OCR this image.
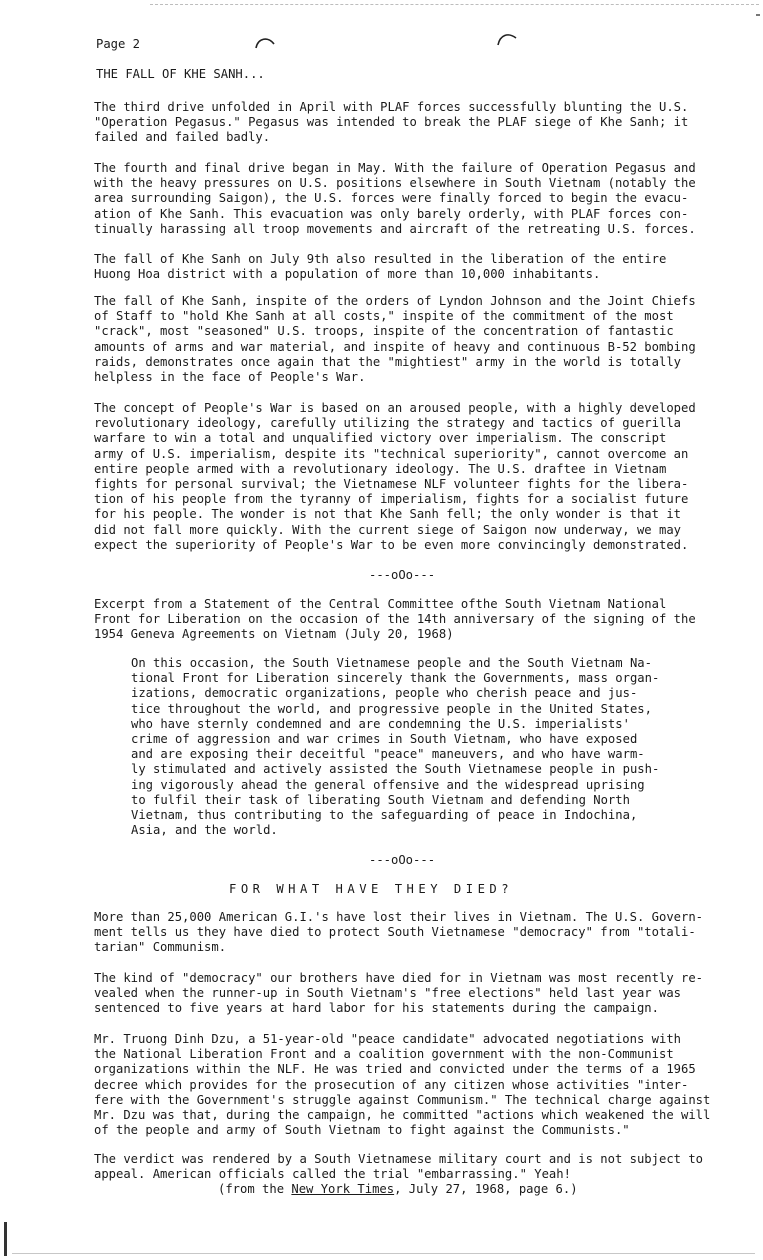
Page 2
THE FALL OF KHE SANH...

The third drive unfolded in April with PLAF forces successfully blunting the U.S.
"Operation Pegasus." Pegasus was intended to break the PLAF siege of Khe Sanh; it
failed and failed badly.

The fourth and final drive began in May. With the failure of Operation Pegasus and
with the heavy pressures on U.S. positions elsewhere in South Vietnam (notably the
area surrounding Saigon), the U.S. forces were finally forced to begin the evacu-
ation of Khe Sanh. This evacuation was only barely orderly, with PLAF forces con-
tinually harassing all troop movements and aircraft of the retreating U.S. forces.

The fall of Khe Sanh on July 9th also resulted in the liberation of the entire
Huong Hoa district with a population of more than 10,000 inhabitants.

The fall of Khe Sanh, inspite of the orders of Lyndon Johnson and the Joint Chiefs
of Staff to "hold Khe Sanh at all costs," inspite of the commitment of the most
"crack", most "seasoned" U.S. troops, inspite of the concentration of fantastic
amounts of arms and war material, and inspite of heavy and continuous B-52 bombing
raids, demonstrates once again that the "mightiest" army in the world is totally
helpless in the face of People's War.

The concept of People's War is based on an aroused people, with a highly developed
revolutionary ideology, carefully utilizing the strategy and tactics of guerilla
warfare to win a total and unqualified victory over imperialism. The conscript
army of U.S. imperialism, despite its "technical superiority", cannot overcome an
entire people armed with a revolutionary ideology. The U.S. draftee in Vietnam
fights for personal survival; the Vietnamese NLF volunteer fights for the libera-
tion of his people from the tyranny of imperialism, fights for a socialist future
for his people. The wonder is not that Khe Sanh fell; the only wonder is that it
did not fall more quickly. With the current siege of Saigon now underway, we may
expect the superiority of People's War to be even more convincingly demonstrated.

---oOo---

Excerpt from a Statement of the Central Committee ofthe South Vietnam National
Front for Liberation on the occasion of the 14th anniversary of the signing of the
1954 Geneva Agreements on Vietnam (July 20, 1968)

On this occasion, the South Vietnamese people and the South Vietnam Na-
tional Front for Liberation sincerely thank the Governments, mass organ-
izations, democratic organizations, people who cherish peace and jus-
tice throughout the world, and progressive people in the United States,
who have sternly condemned and are condemning the U.S. imperialists'
crime of aggression and war crimes in South Vietnam, who have exposed
and are exposing their deceitful "peace" maneuvers, and who have warm-
ly stimulated and actively assisted the South Vietnamese people in push-
ing vigorously ahead the general offensive and the widespread uprising
to fulfil their task of liberating South Vietnam and defending North
Vietnam, thus contributing to the safeguarding of peace in Indochina,
Asia, and the world.

---oOo---
FOR WHAT HAVE THEY DIED?

More than 25,000 American G.I.'s have lost their lives in Vietnam. The U.S. Govern-
ment tells us they have died to protect South Vietnamese "democracy" from "totali-
tarian" Communism.

The kind of "democracy" our brothers have died for in Vietnam was most recently re-
vealed when the runner-up in South Vietnam's "free elections" held last year was
sentenced to five years at hard labor for his statements during the campaign.

Mr. Truong Dinh Dzu, a 51-year-old "peace candidate" advocated negotiations with
the National Liberation Front and a coalition government with the non-Communist
organizations within the NLF. He was tried and convicted under the terms of a 1965
decree which provides for the prosecution of any citizen whose activities "inter-
fere with the Government's struggle against Communism." The technical charge against
Mr. Dzu was that, during the campaign, he committed "actions which weakened the will
of the people and army of South Vietnam to fight against the Communists."

The verdict was rendered by a South Vietnamese military court and is not subject to
appeal. American officials called the trial "embarrassing." Yeah!

(from the New York Times, July 27, 1968, page 6.)
